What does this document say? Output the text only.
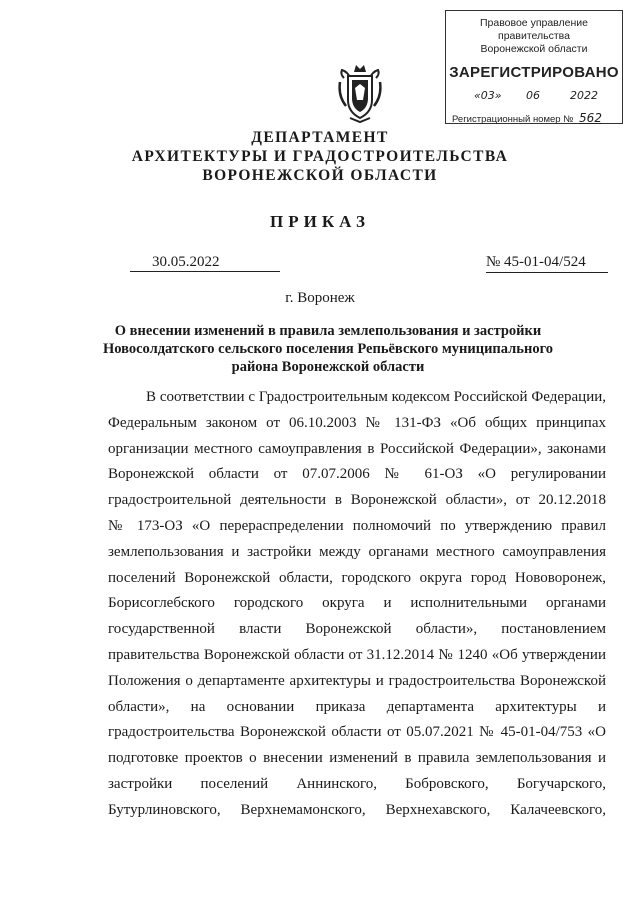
Правовое управление правительства
Воронежской области
ЗАРЕГИСТРИРОВАНО
«03» 06	2022
Регистрационный номер № 562
ДЕПАРТАМЕНТ
АРХИТЕКТУРЫ И ГРАДОСТРОИТЕЛЬСТВА
ВОРОНЕЖСКОЙ ОБЛАСТИ
ПРИКАЗ
30.05.2022	№ 45-01-04/524
г. Воронеж
О внесении изменений в правила землепользования и застройки Новосолдатского сельского поселения Репьёвского муниципального района Воронежской области
В соответствии с Градостроительным кодексом Российской Федерации,
Федеральным законом от 06.10.2003 № 131-ФЗ «Об общих принципах
организации местного самоуправления в Российской Федерации», законами
Воронежской области от 07.07.2006 № 61-ОЗ «О регулировании
градостроительной деятельности в Воронежской области», от 20.12.2018
№ 173-ОЗ «О перераспределении полномочий по утверждению правил
землепользования и застройки между органами местного самоуправления
поселений Воронежской области, городского округа город Нововоронеж,
Борисоглебского городского округа и исполнительными органами
государственной власти Воронежской области», постановлением
правительства Воронежской области от 31.12.2014 № 1240 «Об утверждении
Положения о департаменте архитектуры и градостроительства Воронежской
области», на основании приказа департамента архитектуры и
градостроительства Воронежской области от 05.07.2021 № 45-01-04/753 «О
подготовке проектов о внесении изменений в правила землепользования и
застройки поселений Аннинского, Бобровского, Богучарского,
Бутурлиновского, Верхнемамонского, Верхнехавского, Калачеевского,
